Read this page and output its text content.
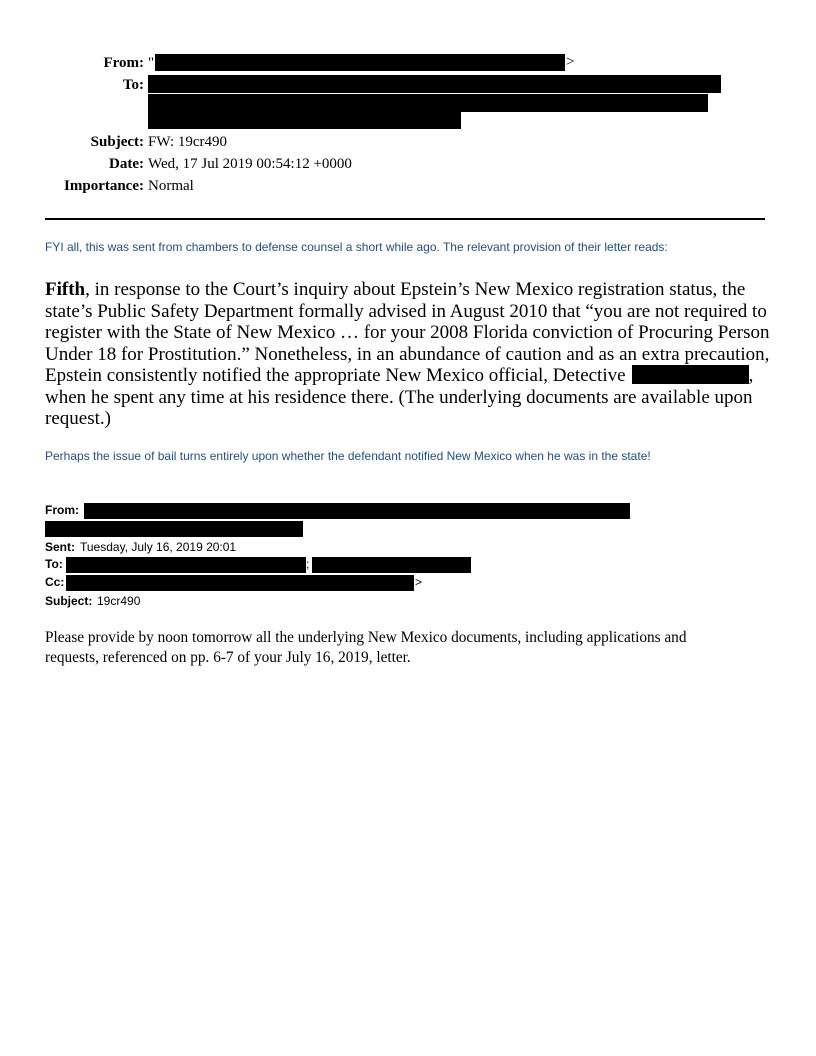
From: "	>
To:
Subject: FW: 19cr490
Date: Wed, 17 Jul 2019 00:54:12 +0000
Importance: Normal
FYI all, this was sent from chambers to defense counsel a short while ago. The relevant provision of their letter reads:
Fifth, in response to the Court’s inquiry about Epstein’s New Mexico registration status, the
state’s Public Safety Department formally advised in August 2010 that “you are not required to
register with the State of New Mexico … for your 2008 Florida conviction of Procuring Person
Under 18 for Prostitution.” Nonetheless, in an abundance of caution and as an extra precaution,
Epstein consistently notified the appropriate New Mexico official, Detective	,
when he spent any time at his residence there. (The underlying documents are available upon
request.)
Perhaps the issue of bail turns entirely upon whether the defendant notified New Mexico when he was in the state!
From:
Sent: Tuesday, July 16, 2019 20:01
To:	;
Cc:	>
Subject: 19cr490
Please provide by noon tomorrow all the underlying New Mexico documents, including applications and
requests, referenced on pp. 6-7 of your July 16, 2019, letter.
